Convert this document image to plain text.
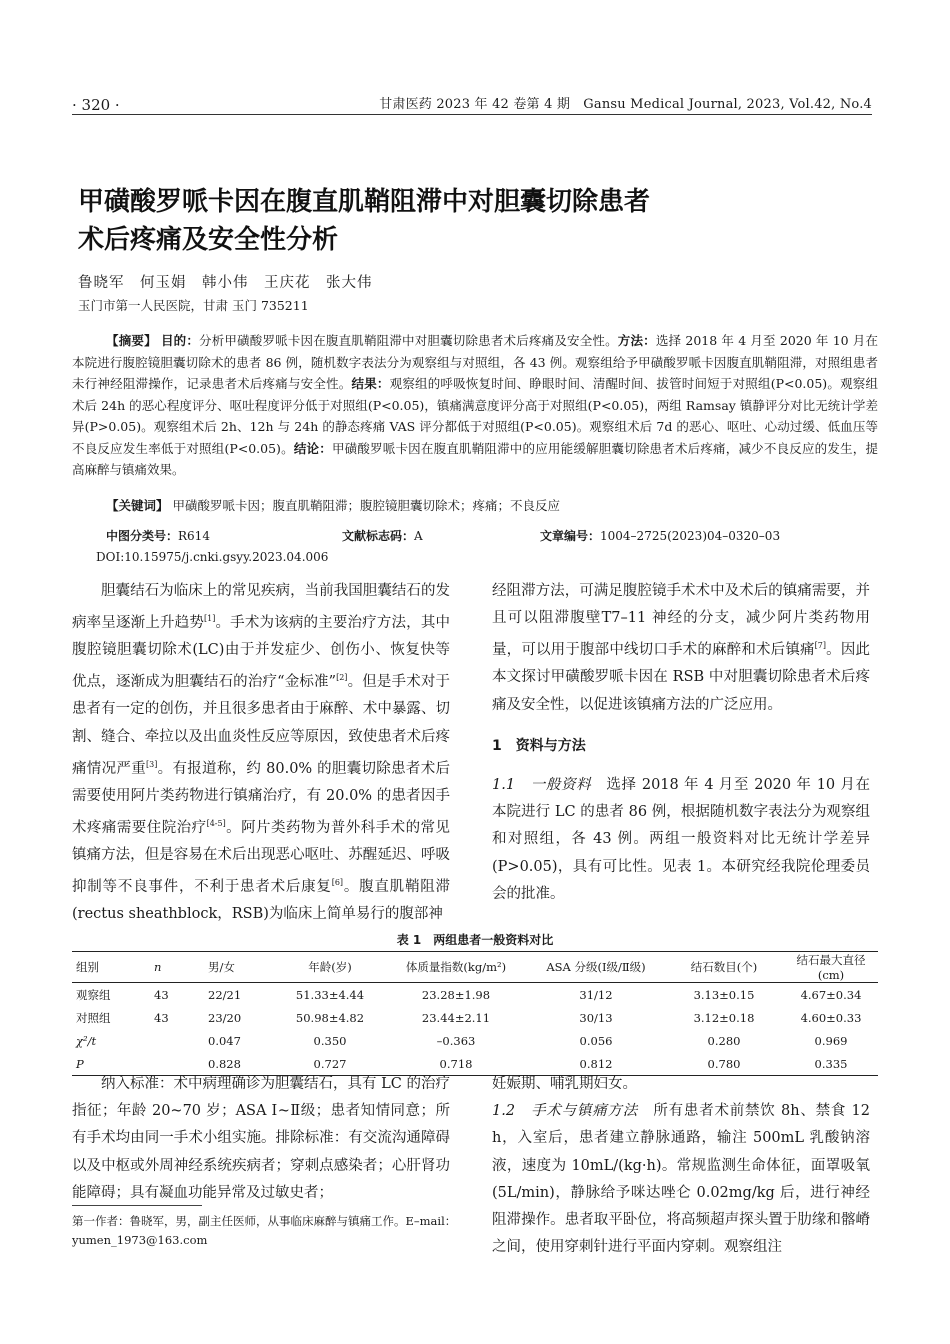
· 320 ·	甘肃医药 2023 年 42 卷第 4 期　Gansu Medical Journal, 2023, Vol.42, No.4
甲磺酸罗哌卡因在腹直肌鞘阻滞中对胆囊切除患者
术后疼痛及安全性分析
鲁晓军　何玉娟　韩小伟　王庆花　张大伟
玉门市第一人民医院，甘肃 玉门 735211
【摘要】 目的：分析甲磺酸罗哌卡因在腹直肌鞘阻滞中对胆囊切除患者术后疼痛及安全性。方法：选择 2018 年 4 月至 2020 年 10 月在本院进行腹腔镜胆囊切除术的患者 86 例，随机数字表法分为观察组与对照组，各 43 例。观察组给予甲磺酸罗哌卡因腹直肌鞘阻滞，对照组患者未行神经阻滞操作，记录患者术后疼痛与安全性。结果：观察组的呼吸恢复时间、睁眼时间、清醒时间、拔管时间短于对照组(P<0.05)。观察组术后 24h 的恶心程度评分、呕吐程度评分低于对照组(P<0.05)，镇痛满意度评分高于对照组(P<0.05)，两组 Ramsay 镇静评分对比无统计学差异(P>0.05)。观察组术后 2h、12h 与 24h 的静态疼痛 VAS 评分都低于对照组(P<0.05)。观察组术后 7d 的恶心、呕吐、心动过缓、低血压等不良反应发生率低于对照组(P<0.05)。结论：甲磺酸罗哌卡因在腹直肌鞘阻滞中的应用能缓解胆囊切除患者术后疼痛，减少不良反应的发生，提高麻醉与镇痛效果。
【关键词】 甲磺酸罗哌卡因；腹直肌鞘阻滞；腹腔镜胆囊切除术；疼痛；不良反应
中图分类号：R614	文献标志码：A	文章编号：1004–2725(2023)04–0320–03
DOI:10.15975/j.cnki.gsyy.2023.04.006

胆囊结石为临床上的常见疾病，当前我国胆囊结石的发病率呈逐渐上升趋势[1]。手术为该病的主要治疗方法，其中腹腔镜胆囊切除术(LC)由于并发症少、创伤小、恢复快等优点，逐渐成为胆囊结石的治疗“金标准”[2]。但是手术对于患者有一定的创伤，并且很多患者由于麻醉、术中暴露、切割、缝合、牵拉以及出血炎性反应等原因，致使患者术后疼痛情况严重[3]。有报道称，约 80.0% 的胆囊切除患者术后需要使用阿片类药物进行镇痛治疗，有 20.0% 的患者因手术疼痛需要住院治疗[4-5]。阿片类药物为普外科手术的常见镇痛方法，但是容易在术后出现恶心呕吐、苏醒延迟、呼吸抑制等不良事件，不利于患者术后康复[6]。腹直肌鞘阻滞(rectus sheathblock，RSB)为临床上简单易行的腹部神

经阻滞方法，可满足腹腔镜手术术中及术后的镇痛需要，并且可以阻滞腹壁T7–11 神经的分支，减少阿片类药物用量，可以用于腹部中线切口手术的麻醉和术后镇痛[7]。因此本文探讨甲磺酸罗哌卡因在 RSB 中对胆囊切除患者术后疼痛及安全性，以促进该镇痛方法的广泛应用。

1　资料与方法

1.1　一般资料　选择 2018 年 4 月至 2020 年 10 月在本院进行 LC 的患者 86 例，根据随机数字表法分为观察组和对照组，各 43 例。两组一般资料对比无统计学差异(P>0.05)，具有可比性。见表 1。本研究经我院伦理委员会的批准。

表 1　两组患者一般资料对比
组别	n	男/女	年龄(岁)	体质量指数(kg/m²)	ASA 分级(Ⅰ级/Ⅱ级)	结石数目(个)	结石最大直径(cm)
观察组	43	22/21	51.33±4.44	23.28±1.98	31/12	3.13±0.15	4.67±0.34
对照组	43	23/20	50.98±4.82	23.44±2.11	30/13	3.12±0.18	4.60±0.33
χ²/t		0.047	0.350	–0.363	0.056	0.280	0.969
P		0.828	0.727	0.718	0.812	0.780	0.335

纳入标准：术中病理确诊为胆囊结石，具有 LC 的治疗指征；年龄 20~70 岁；ASA Ⅰ~Ⅱ级；患者知情同意；所有手术均由同一手术小组实施。排除标准：有交流沟通障碍以及中枢或外周神经系统疾病者；穿刺点感染者；心肝肾功能障碍；具有凝血功能异常及过敏史者；

妊娠期、哺乳期妇女。

1.2　手术与镇痛方法　所有患者术前禁饮 8h、禁食 12 h，入室后，患者建立静脉通路，输注 500mL 乳酸钠溶液，速度为 10mL/(kg·h)。常规监测生命体征，面罩吸氧(5L/min)，静脉给予咪达唑仑 0.02mg/kg 后，进行神经阻滞操作。患者取平卧位，将高频超声探头置于肋缘和髂嵴之间，使用穿刺针进行平面内穿刺。观察组注

第一作者：鲁晓军，男，副主任医师，从事临床麻醉与镇痛工作。E–mail：
yumen_1973@163.com
